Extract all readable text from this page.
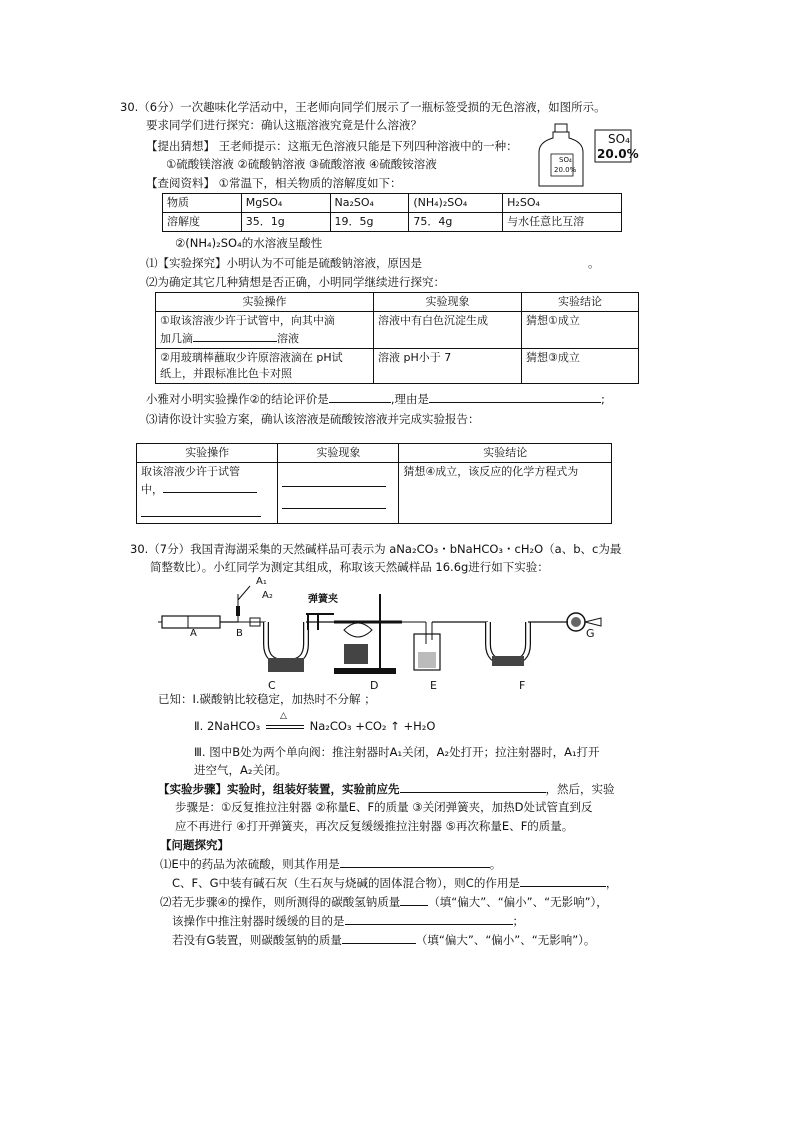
30.（6分）一次趣味化学活动中，王老师向同学们展示了一瓶标签受损的无色溶液，如图所示。
要求同学们进行探究：确认这瓶溶液究竟是什么溶液？
【提出猜想】 王老师提示：这瓶无色溶液只能是下列四种溶液中的一种：
①硫酸镁溶液 ②硫酸钠溶液 ③硫酸溶液 ④硫酸铵溶液
【查阅资料】 ①常温下，相关物质的溶解度如下：
SO₄
20.0%
SO₄
20.0%
物质	MgSO₄	Na₂SO₄	(NH₄)₂SO₄	H₂SO₄
溶解度	35．1g	19．5g	75．4g	与水任意比互溶
②(NH₄)₂SO₄的水溶液呈酸性
⑴【实验探究】小明认为不可能是硫酸钠溶液，原因是	。
⑵为确定其它几种猜想是否正确，小明同学继续进行探究：
实验操作	实验现象	实验结论

①取该溶液少许于试管中，向其中滴
加几滴 溶液	溶液中有白色沉淀生成	猜想①成立

②用玻璃棒蘸取少许原溶液滴在 pH试
纸上，并跟标准比色卡对照	溶液 pH小于 7	猜想③成立
小雅对小明实验操作②的结论评价是	,理由是	;
⑶请你设计实验方案，确认该溶液是硫酸铵溶液并完成实验报告：
实验操作	实验现象	实验结论

取该溶液少许于试管
中，		猜想④成立，该反应的化学方程式为
30.（7分）我国青海湖采集的天然碱样品可表示为 aNa₂CO₃・bNaHCO₃・cH₂O（a、b、c为最
简整数比）。小红同学为测定其组成，称取该天然碱样品 16.6g进行如下实验：
A	B
A₁
A₂	弹簧夹
C	D	E	F
G
已知：Ⅰ.碳酸钠比较稳定，加热时不分解 ；
Ⅱ. 2NaHCO₃
△
Na₂CO₃ +CO₂ ↑ +H₂O
Ⅲ. 图中B处为两个单向阀：推注射器时A₁关闭，A₂处打开；拉注射器时，A₁打开
进空气，A₂关闭。
【实验步骤】实验时，组装好装置，实验前应先	，然后，实验
步骤是：①反复推拉注射器 ②称量E、F的质量 ③关闭弹簧夹，加热D处试管直到反
应不再进行 ④打开弹簧夹，再次反复缓缓推拉注射器 ⑤再次称量E、F的质量。
【问题探究】
⑴E中的药品为浓硫酸，则其作用是	。
C、F、G中装有碱石灰（生石灰与烧碱的固体混合物），则C的作用是	，
⑵若无步骤④的操作，则所测得的碳酸氢钠质量 （填“偏大”、“偏小”、“无影响”），
该操作中推注射器时缓缓的目的是	；
若没有G装置，则碳酸氢钠的质量	（填“偏大”、“偏小”、“无影响”）。
